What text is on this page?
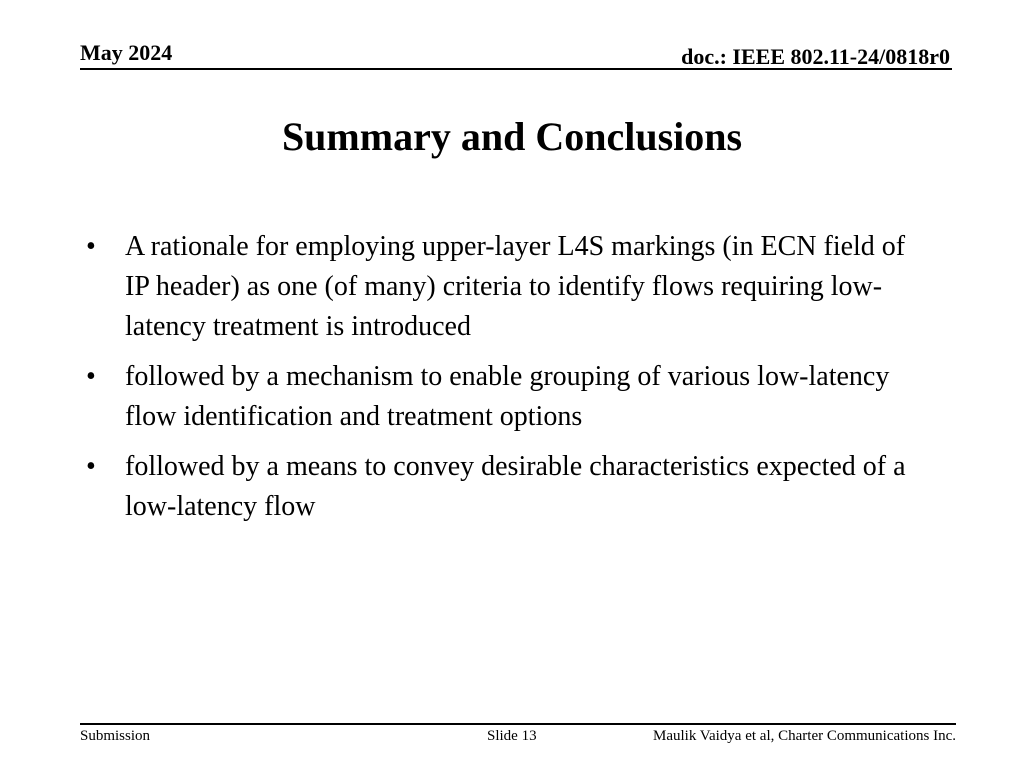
May 2024	doc.: IEEE 802.11-24/0818r0
Summary and Conclusions
• A rationale for employing upper-layer L4S markings (in ECN field of IP header) as one (of many) criteria to identify flows requiring low-latency treatment is introduced
• followed by a mechanism to enable grouping of various low-latency flow identification and treatment options
• followed by a means to convey desirable characteristics expected of a low-latency flow
Submission	Slide 13	Maulik Vaidya et al, Charter Communications Inc.
